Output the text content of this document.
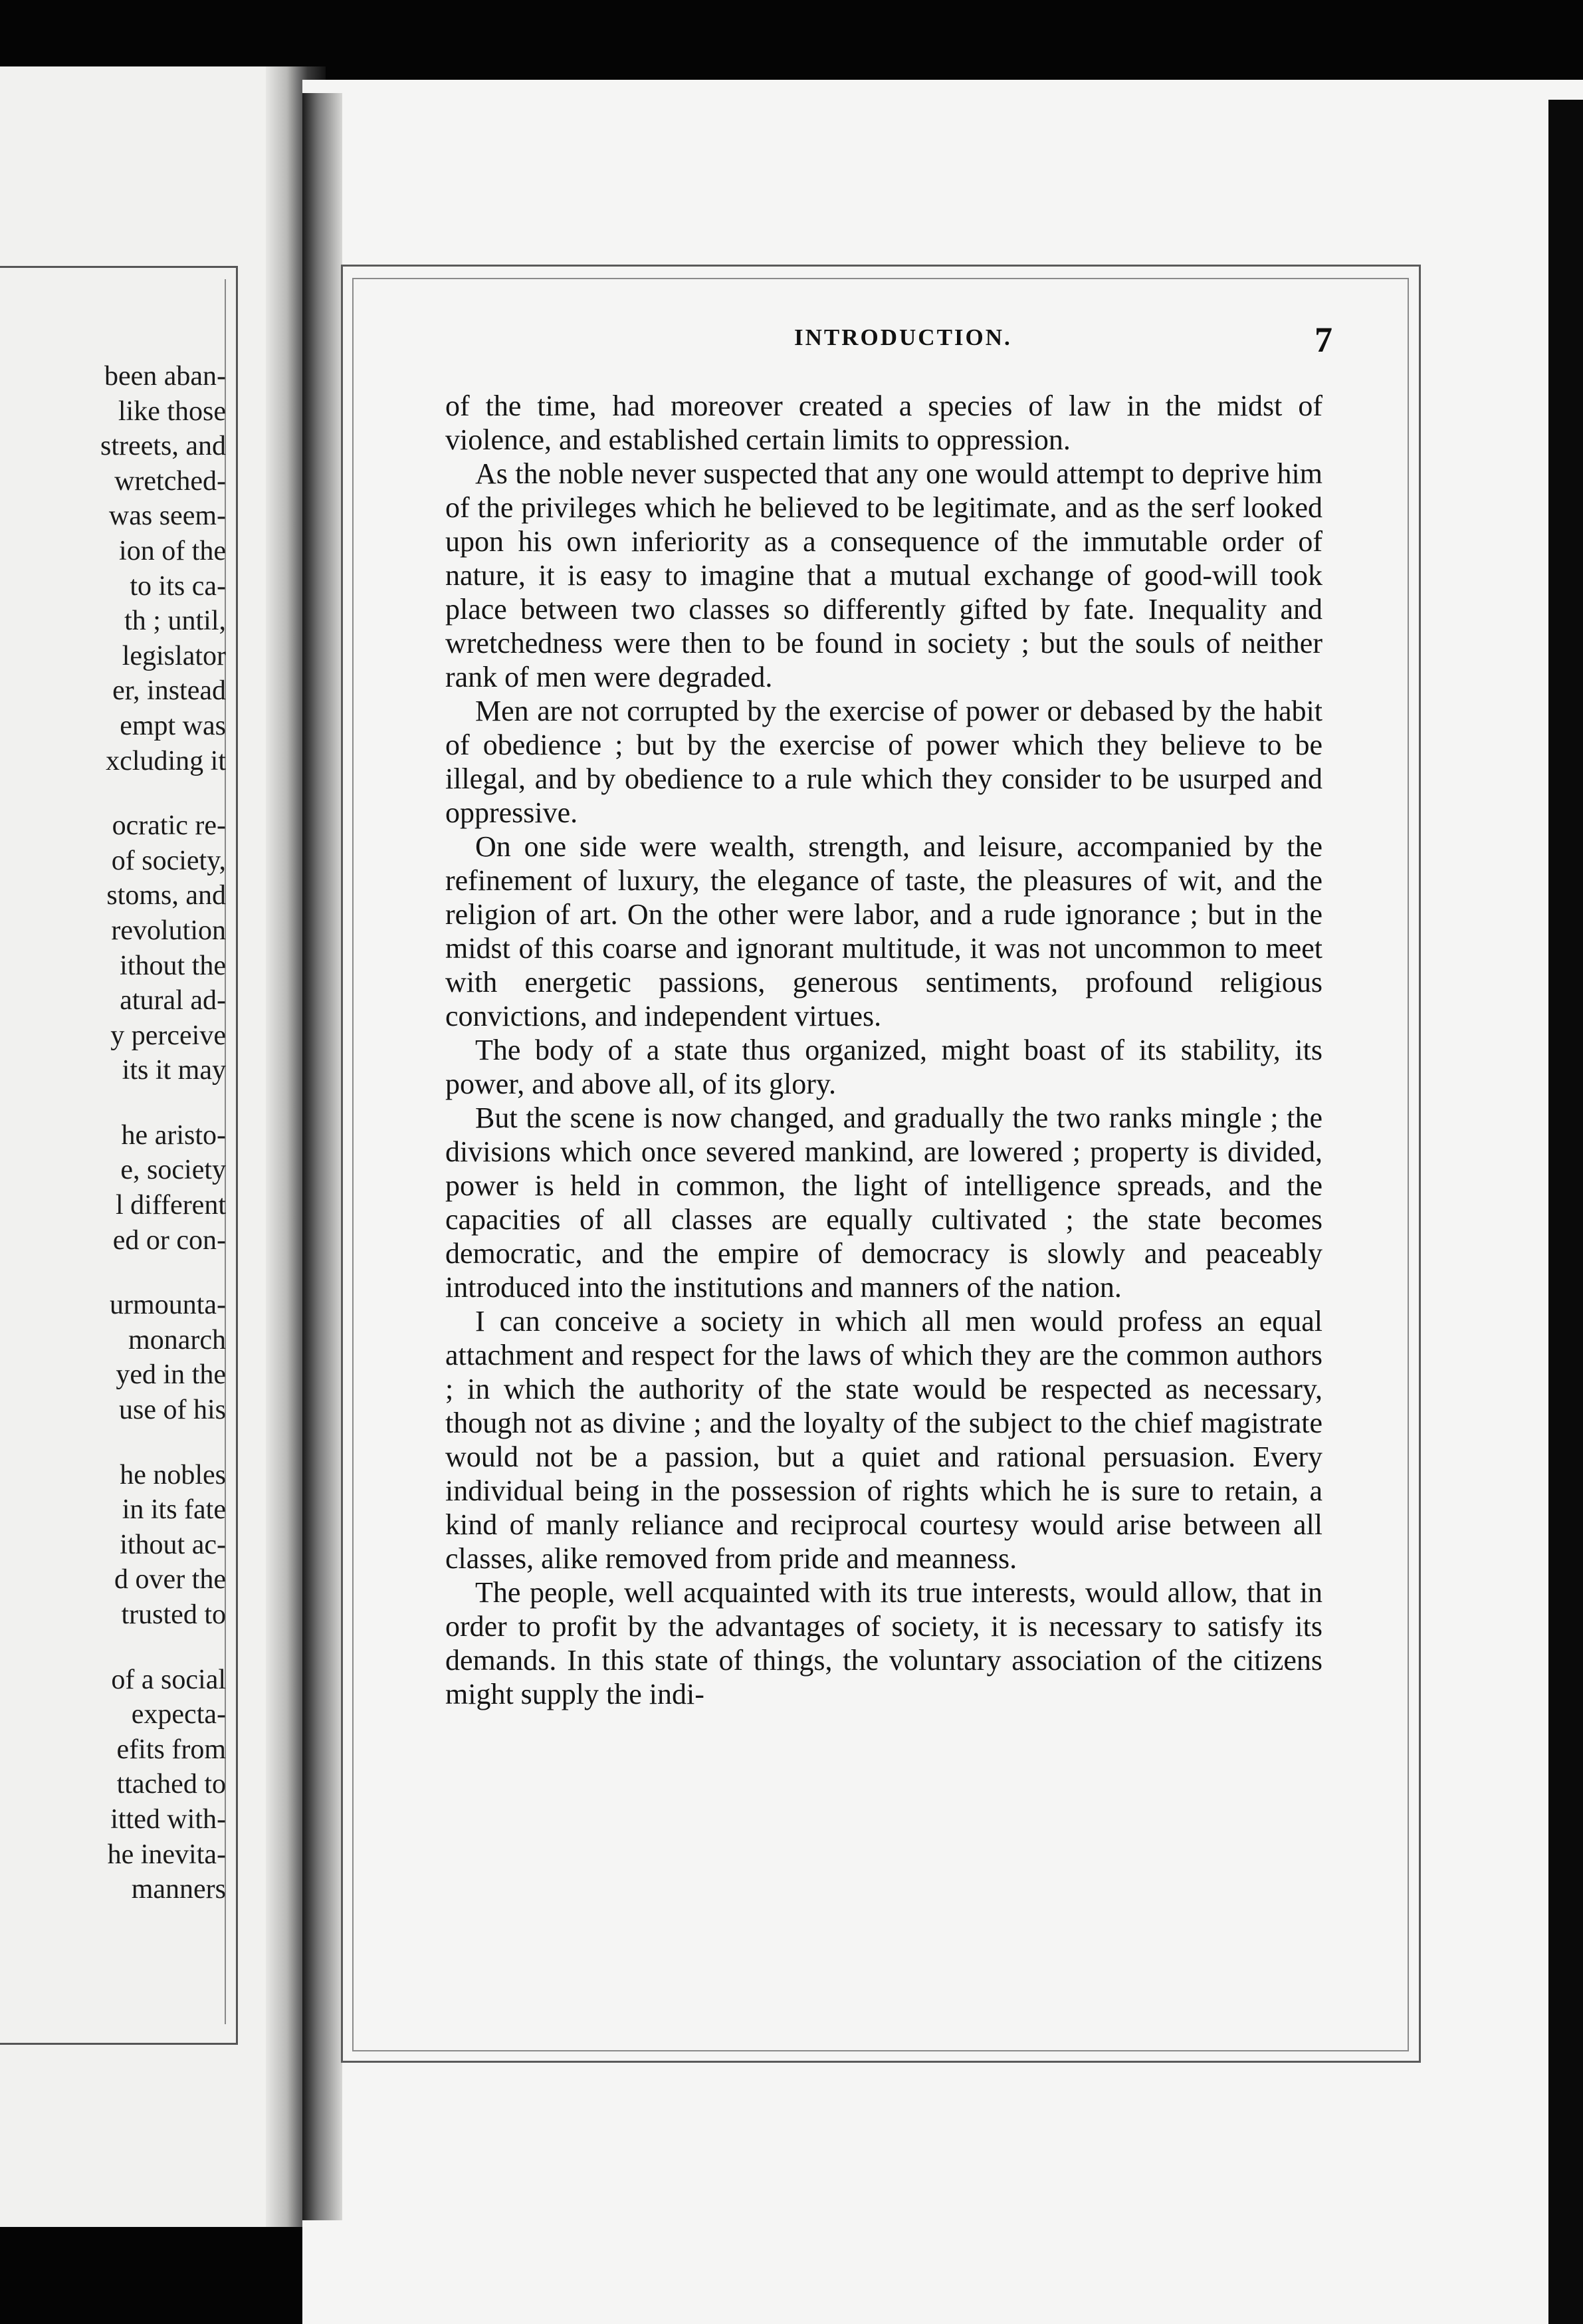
been aban-
like those
streets, and
wretched-
was seem-
ion of the
to its ca-
th ; until,
legislator
er, instead
empt was
xcluding it
ocratic re-
of society,
stoms, and
revolution
ithout the
atural ad-
y perceive
its it may
he aristo-
e, society
l different
ed or con-
urmounta-
monarch
yed in the
use of his
he nobles
in its fate
ithout ac-
d over the
trusted to
of a social
expecta-
efits from
ttached to
itted with-
he inevita-
manners
INTRODUCTION.	7

of the time, had moreover created a species of law in the midst of violence, and established certain limits to oppression.

As the noble never suspected that any one would attempt to deprive him of the privileges which he believed to be legitimate, and as the serf looked upon his own inferiority as a consequence of the immutable order of nature, it is easy to imagine that a mutual exchange of good-will took place between two classes so differently gifted by fate. Inequality and wretchedness were then to be found in society ; but the souls of neither rank of men were degraded.

Men are not corrupted by the exercise of power or debased by the habit of obedience ; but by the exercise of power which they believe to be illegal, and by obedience to a rule which they consider to be usurped and oppressive.

On one side were wealth, strength, and leisure, accompanied by the refinement of luxury, the elegance of taste, the pleasures of wit, and the religion of art. On the other were labor, and a rude ignorance ; but in the midst of this coarse and ignorant multitude, it was not uncommon to meet with energetic passions, generous sentiments, profound religious convictions, and independent virtues.

The body of a state thus organized, might boast of its stability, its power, and above all, of its glory.

But the scene is now changed, and gradually the two ranks mingle ; the divisions which once severed mankind, are lowered ; property is divided, power is held in common, the light of intelligence spreads, and the capacities of all classes are equally cultivated ; the state becomes democratic, and the empire of democracy is slowly and peaceably introduced into the institutions and manners of the nation.

I can conceive a society in which all men would profess an equal attachment and respect for the laws of which they are the common authors ; in which the authority of the state would be respected as necessary, though not as divine ; and the loyalty of the subject to the chief magistrate would not be a passion, but a quiet and rational persuasion. Every individual being in the possession of rights which he is sure to retain, a kind of manly reliance and reciprocal courtesy would arise between all classes, alike removed from pride and meanness.

The people, well acquainted with its true interests, would allow, that in order to profit by the advantages of society, it is necessary to satisfy its demands. In this state of things, the voluntary association of the citizens might supply the indi-
